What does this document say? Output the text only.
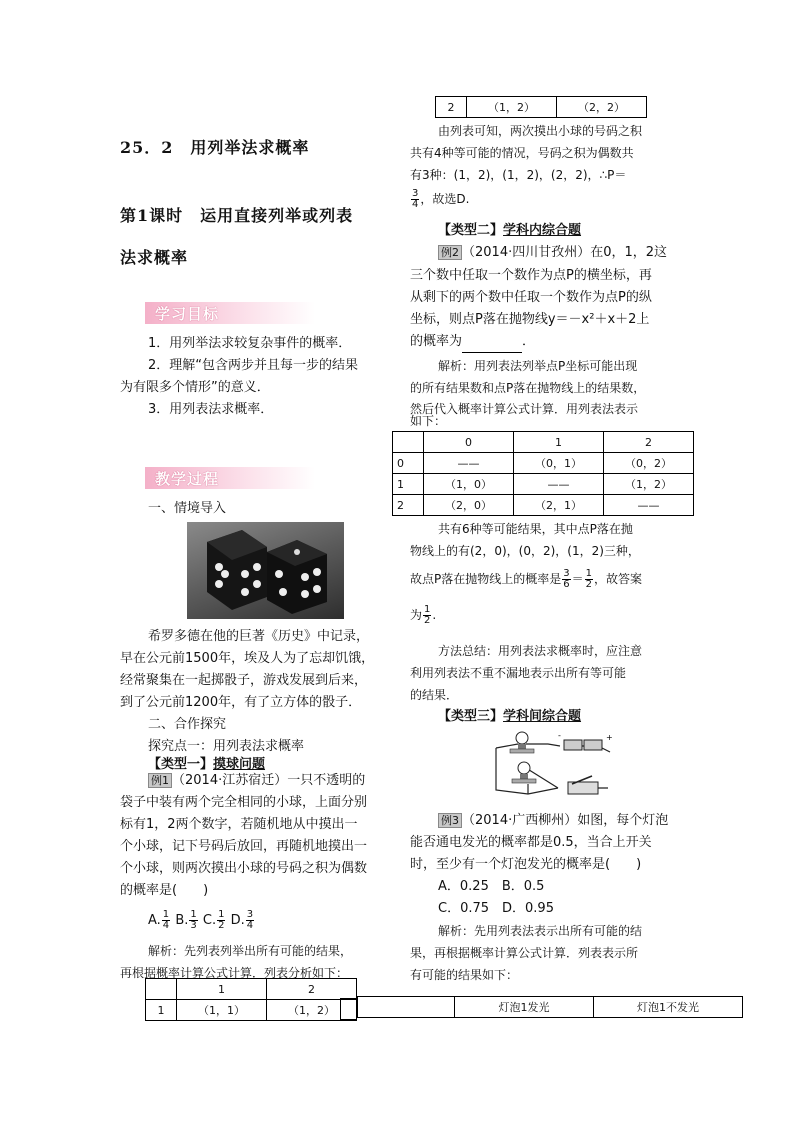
25．2　用列举法求概率
第1课时　运用直接列举或列表
法求概率
学习目标
1．用列举法求较复杂事件的概率．
2．理解“包含两步并且每一步的结果
为有限多个情形”的意义．
3．用列表法求概率．
教学过程
一、情境导入
希罗多德在他的巨著《历史》中记录，
早在公元前1500年，埃及人为了忘却饥饿，
经常聚集在一起掷骰子，游戏发展到后来，
到了公元前1200年，有了立方体的骰子．
二、合作探究
探究点一：用列表法求概率
【类型一】摸球问题
例1 （2014·江苏宿迁）一只不透明的
袋子中装有两个完全相同的小球，上面分别
标有1，2两个数字，若随机地从中摸出一
个小球，记下号码后放回，再随机地摸出一
个小球，则两次摸出小球的号码之积为偶数
的概率是(　　)
A. $\frac{1}{4} B$. $\frac{1}{3} C$. $\frac{1}{2} D$. $\frac{3}{4}$
解析：先列表列举出所有可能的结果，
再根据概率计算公式计算．列表分析如下：
	1	2
1	（1，1）	（1，2）
2	（1，2）	（2，2）
由列表可知，两次摸出小球的号码之积
共有4种等可能的情况，号码之积为偶数共
有3种：(1，2)，(1，2)，(2，2)，∴P＝
$\frac{3}{4}$ ，故选D.
【类型二】学科内综合题
例2 （2014·四川甘孜州）在0，1，2这
三个数中任取一个数作为点P的横坐标，再
从剩下的两个数中任取一个数作为点P的纵
坐标，则点P落在抛物线y＝－x²＋x＋2上
的概率为	．
解析：用列表法列举点P坐标可能出现
的所有结果数和点P落在抛物线上的结果数，
然后代入概率计算公式计算．用列表法表示
如下：
	0	1	2
0	——	（0，1）	（0，2）
1	（1，0）	——	（1，2）
2	（2，0）	（2，1）	——
共有6种等可能结果，其中点P落在抛
物线上的有(2，0)，(0，2)，(1，2)三种，
故点P落在抛物线上的概率是 $\frac{3}{6} = \frac{1}{2}$ ，故答案
为 $\frac{1}{2}$ .
方法总结：用列表法求概率时，应注意
利用列表法不重不漏地表示出所有等可能
的结果．
【类型三】学科间综合题
-	+
例3 （2014·广西柳州）如图，每个灯泡
能否通电发光的概率都是0.5，当合上开关
时，至少有一个灯泡发光的概率是(　　)
A．0.25　B．0.5
C．0.75　D．0.95
解析：先用列表法表示出所有可能的结
果，再根据概率计算公式计算．列表表示所
有可能的结果如下：
	灯泡1发光	灯泡1不发光
